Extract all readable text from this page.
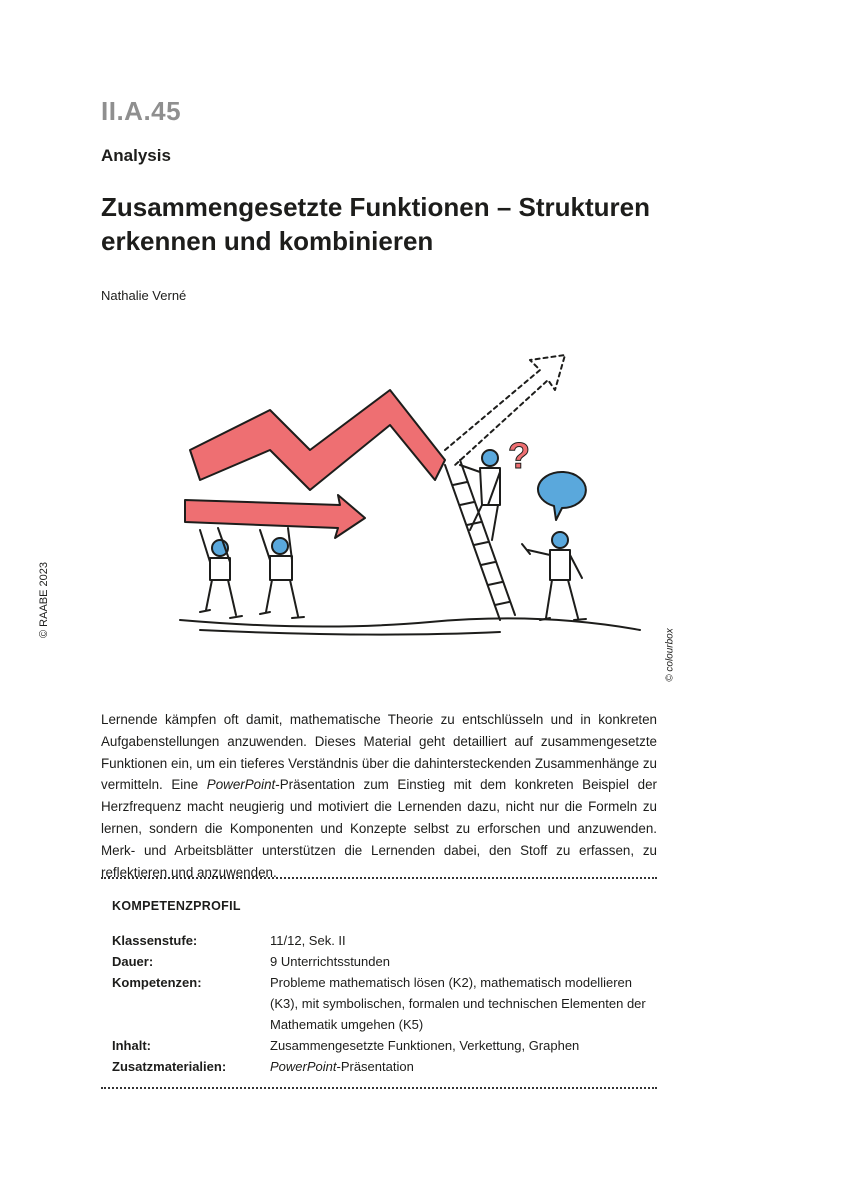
II.A.45
Analysis
Zusammengesetzte Funktionen – Strukturen
erkennen und kombinieren
Nathalie Verné
© RAABE 2023
© colourbox
?
Lernende kämpfen oft damit, mathematische Theorie zu entschlüsseln und in konkreten Aufgabenstellungen anzuwenden. Dieses Material geht detailliert auf zusammengesetzte Funktionen ein, um ein tieferes Verständnis über die dahintersteckenden Zusammenhänge zu vermitteln. Eine PowerPoint-Präsentation zum Einstieg mit dem konkreten Beispiel der Herzfrequenz macht neugierig und motiviert die Lernenden dazu, nicht nur die Formeln zu lernen, sondern die Komponenten und Konzepte selbst zu erforschen und anzuwenden. Merk- und Arbeitsblätter unterstützen die Lernenden dabei, den Stoff zu erfassen, zu reflektieren und anzuwenden.
KOMPETENZPROFIL
Klassenstufe:	11/12, Sek. II
Dauer:	9 Unterrichtsstunden
Kompetenzen:	Probleme mathematisch lösen (K2), mathematisch modellieren (K3), mit symbolischen, formalen und technischen Elementen der Mathematik umgehen (K5)
Inhalt:	Zusammengesetzte Funktionen, Verkettung, Graphen
Zusatzmaterialien:	PowerPoint-Präsentation
